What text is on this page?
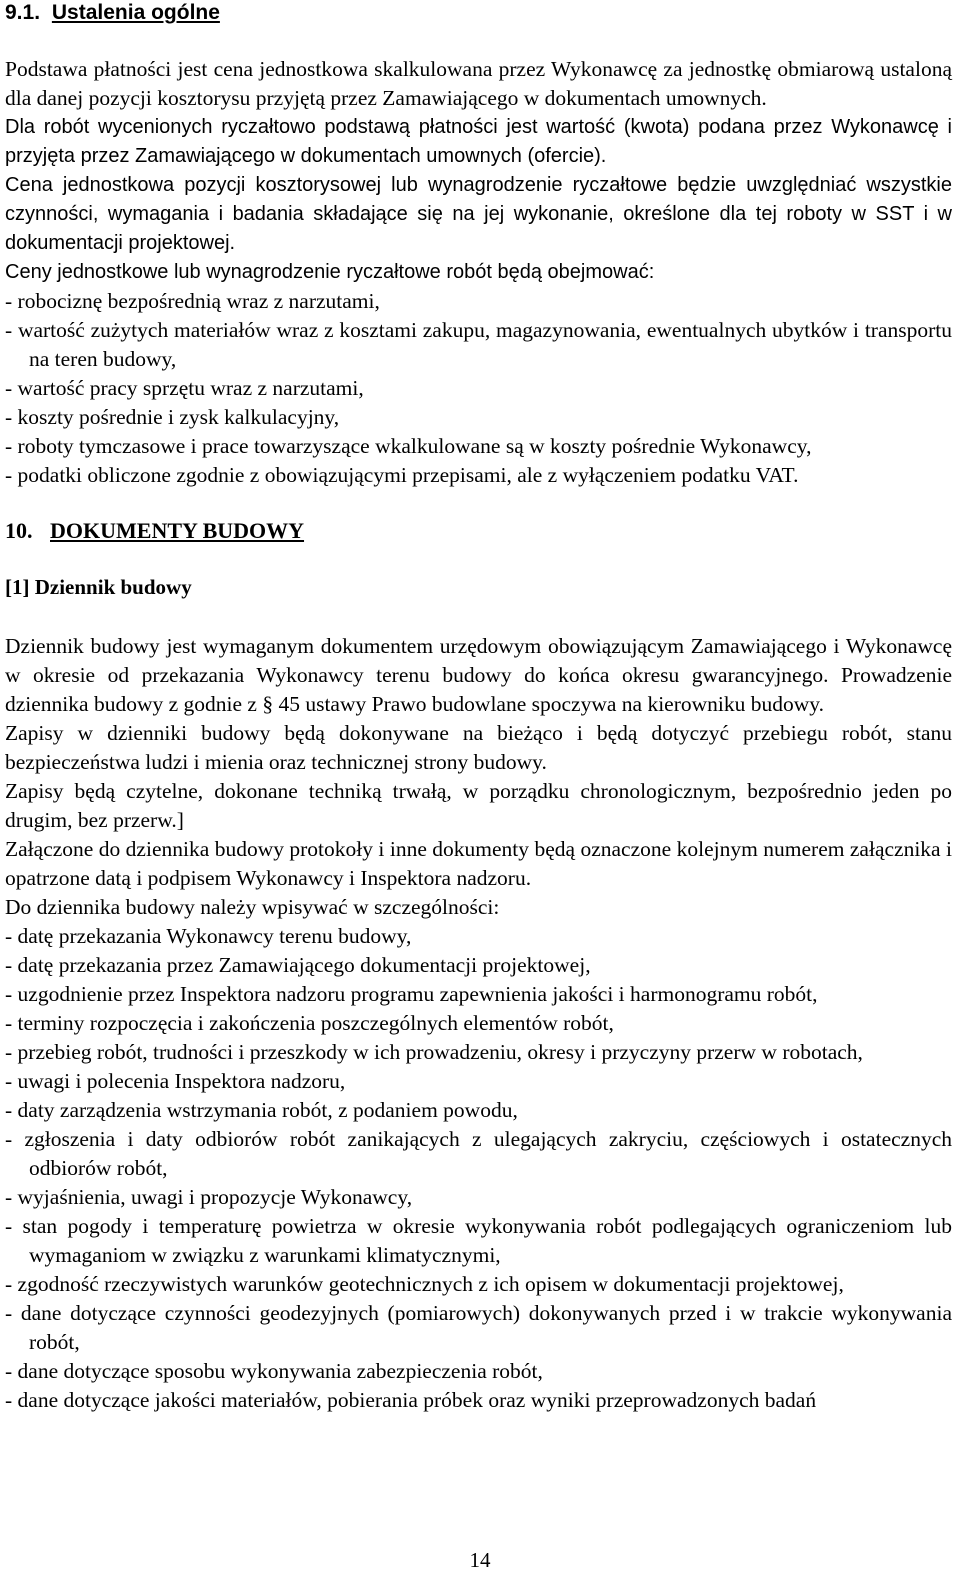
9.1. Ustalenia ogólne

Podstawa płatności jest cena jednostkowa skalkulowana przez Wykonawcę za jednostkę obmiarową ustaloną dla danej pozycji kosztorysu przyjętą przez Zamawiającego w dokumentach umownych.

Dla robót wycenionych ryczałtowo podstawą płatności jest wartość (kwota) podana przez Wykonawcę i przyjęta przez Zamawiającego w dokumentach umownych (ofercie).

Cena jednostkowa pozycji kosztorysowej lub wynagrodzenie ryczałtowe będzie uwzględniać wszystkie czynności, wymagania i badania składające się na jej wykonanie, określone dla tej roboty w SST i w dokumentacji projektowej.

Ceny jednostkowe lub wynagrodzenie ryczałtowe robót będą obejmować:

- robociznę bezpośrednią wraz z narzutami,

- wartość zużytych materiałów wraz z kosztami zakupu, magazynowania, ewentualnych ubytków i transportu na teren budowy,

- wartość pracy sprzętu wraz z narzutami,

- koszty pośrednie i zysk kalkulacyjny,

- roboty tymczasowe i prace towarzyszące wkalkulowane są w koszty pośrednie Wykonawcy,

- podatki obliczone zgodnie z obowiązującymi przepisami, ale z wyłączeniem podatku VAT.

10. DOKUMENTY BUDOWY
[1] Dziennik budowy

Dziennik budowy jest wymaganym dokumentem urzędowym obowiązującym Zamawiającego i Wykonawcę w okresie od przekazania Wykonawcy terenu budowy do końca okresu gwarancyjnego. Prowadzenie dziennika budowy z godnie z § 45 ustawy Prawo budowlane spoczywa na kierowniku budowy.

Zapisy w dzienniki budowy będą dokonywane na bieżąco i będą dotyczyć przebiegu robót, stanu bezpieczeństwa ludzi i mienia oraz technicznej strony budowy.

Zapisy będą czytelne, dokonane techniką trwałą, w porządku chronologicznym, bezpośrednio jeden po drugim, bez przerw.]

Załączone do dziennika budowy protokoły i inne dokumenty będą oznaczone kolejnym numerem załącznika i opatrzone datą i podpisem Wykonawcy i Inspektora nadzoru.

Do dziennika budowy należy wpisywać w szczególności:

- datę przekazania Wykonawcy terenu budowy,

- datę przekazania przez Zamawiającego dokumentacji projektowej,

- uzgodnienie przez Inspektora nadzoru programu zapewnienia jakości i harmonogramu robót,

- terminy rozpoczęcia i zakończenia poszczególnych elementów robót,

- przebieg robót, trudności i przeszkody w ich prowadzeniu, okresy i przyczyny przerw w robotach,

- uwagi i polecenia Inspektora nadzoru,

- daty zarządzenia wstrzymania robót, z podaniem powodu,

- zgłoszenia i daty odbiorów robót zanikających z ulegających zakryciu, częściowych i ostatecznych odbiorów robót,

- wyjaśnienia, uwagi i propozycje Wykonawcy,

- stan pogody i temperaturę powietrza w okresie wykonywania robót podlegających ograniczeniom lub wymaganiom w związku z warunkami klimatycznymi,

- zgodność rzeczywistych warunków geotechnicznych z ich opisem w dokumentacji projektowej,

- dane dotyczące czynności geodezyjnych (pomiarowych) dokonywanych przed i w trakcie wykonywania robót,

- dane dotyczące sposobu wykonywania zabezpieczenia robót,

- dane dotyczące jakości materiałów, pobierania próbek oraz wyniki przeprowadzonych badań

14
